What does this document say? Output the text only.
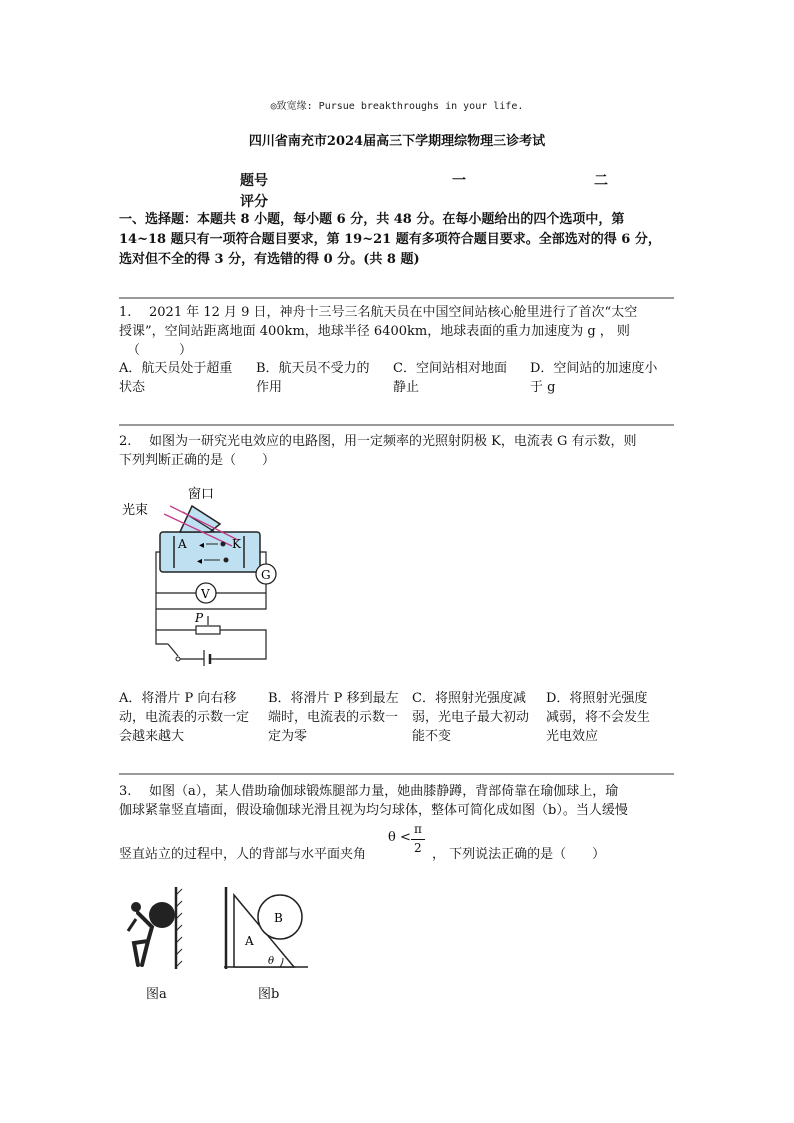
◎致宽缘: Pursue breakthroughs in your life.
四川省南充市2024届高三下学期理综物理三诊考试
题号	一	二
评分
一、选择题：本题共 8 小题，每小题 6 分，共 48 分。在每小题给出的四个选项中，第
14~18 题只有一项符合题目要求，第 19~21 题有多项符合题目要求。全部选对的得 6 分，
选对但不全的得 3 分，有选错的得 0 分。(共 8 题)
1. 2021 年 12 月 9 日，神舟十三号三名航天员在中国空间站核心舱里进行了首次“太空
授课”，空间站距离地面 400km，地球半径 6400km，地球表面的重力加速度为 g ， 则
（　　　）
A．航天员处于超重
状态
B．航天员不受力的
作用
C．空间站相对地面
静止
D．空间站的加速度小
于 g
2. 如图为一研究光电效应的电路图，用一定频率的光照射阴极 K，电流表 G 有示数，则
下列判断正确的是（　　）
A	K
◂
◂
窗口
光束
G
V
P
A．将滑片 P 向右移
动，电流表的示数一定
会越来越大
B．将滑片 P 移到最左
端时，电流表的示数一
定为零
C．将照射光强度减
弱，光电子最大初动
能不变
D．将照射光强度
减弱，将不会发生
光电效应
3. 如图（a），某人借助瑜伽球锻炼腿部力量，她曲膝静蹲，背部倚靠在瑜伽球上，瑜
伽球紧靠竖直墙面，假设瑜伽球光滑且视为均匀球体，整体可简化成如图（b）。当人缓慢
θ <
π
2
竖直站立的过程中，人的背部与水平面夹角	， 下列说法正确的是（　　）
图a
B
A
θ
图b
